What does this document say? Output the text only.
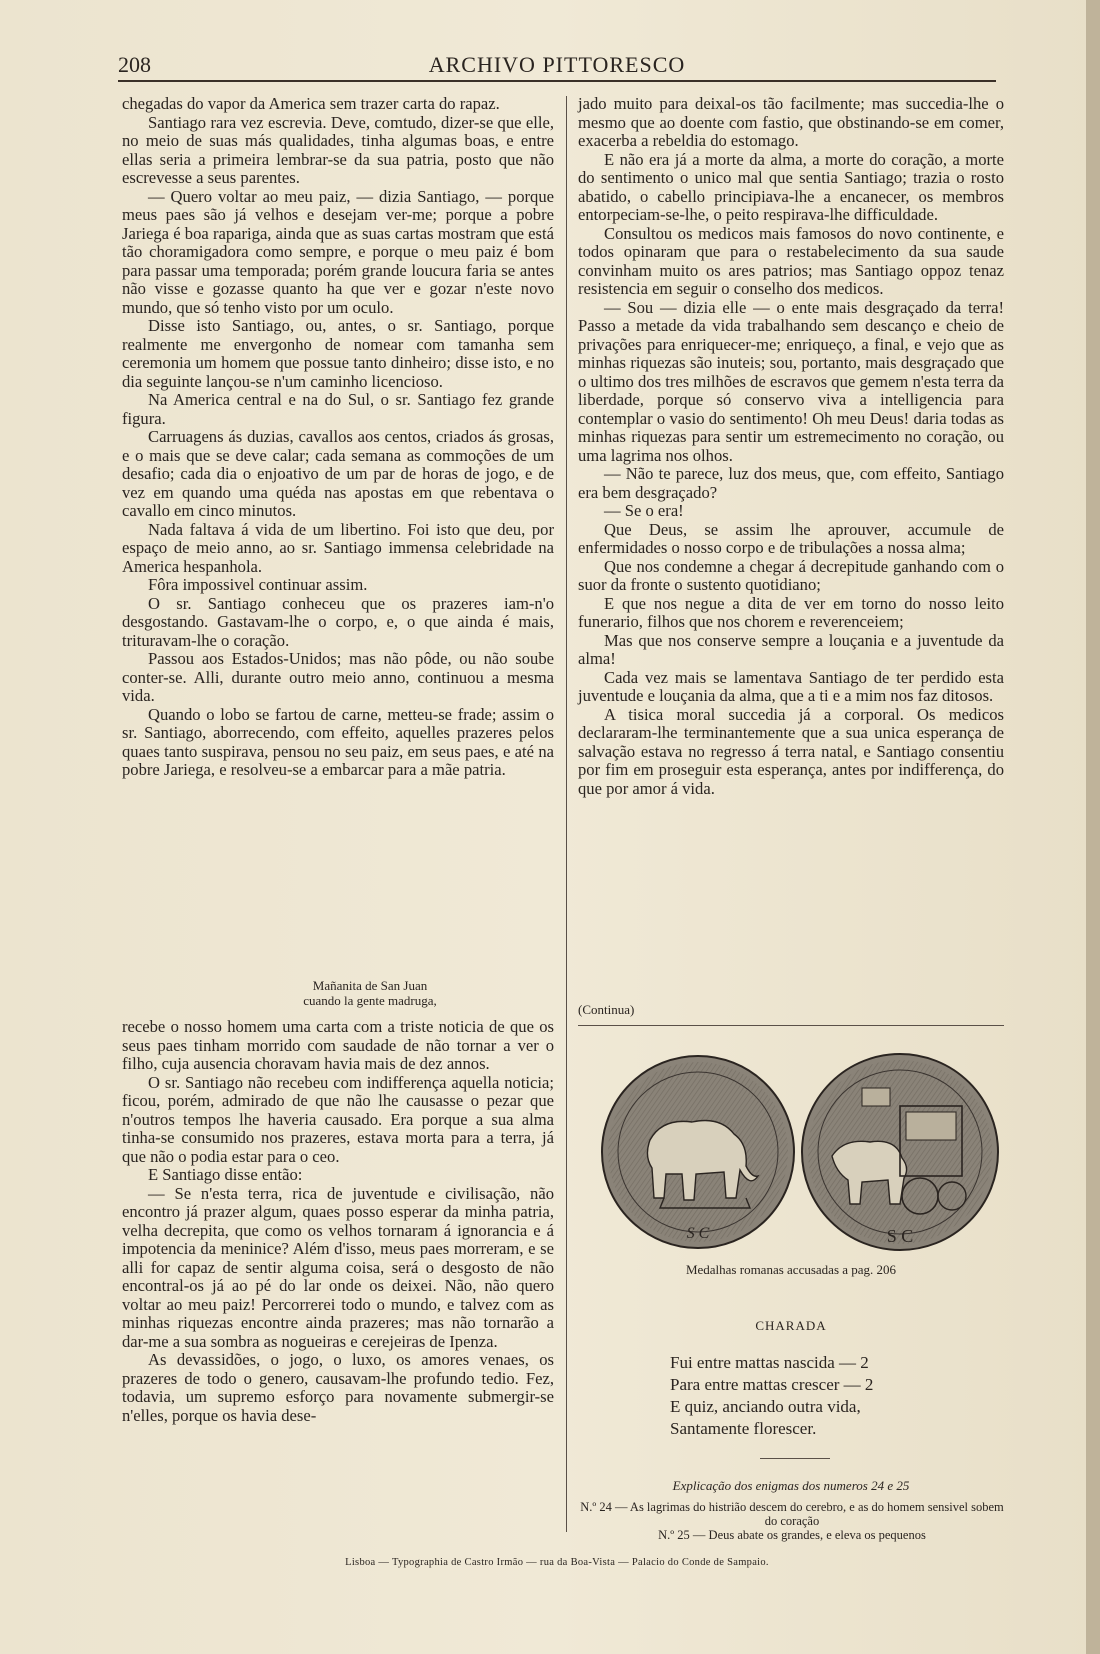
208	ARCHIVO PITTORESCO

chegadas do vapor da America sem trazer carta do rapaz.

Santiago rara vez escrevia. Deve, comtudo, dizer-se que elle, no meio de suas más qualidades, tinha algumas boas, e entre ellas seria a primeira lembrar-se da sua patria, posto que não escrevesse a seus parentes.

— Quero voltar ao meu paiz, — dizia Santiago, — porque meus paes são já velhos e desejam ver-me; porque a pobre Jariega é boa rapariga, ainda que as suas cartas mostram que está tão choramigadora como sempre, e porque o meu paiz é bom para passar uma temporada; porém grande loucura faria se antes não visse e gozasse quanto ha que ver e gozar n'este novo mundo, que só tenho visto por um oculo.

Disse isto Santiago, ou, antes, o sr. Santiago, porque realmente me envergonho de nomear com tamanha sem ceremonia um homem que possue tanto dinheiro; disse isto, e no dia seguinte lançou-se n'um caminho licencioso.

Na America central e na do Sul, o sr. Santiago fez grande figura.

Carruagens ás duzias, cavallos aos centos, criados ás grosas, e o mais que se deve calar; cada semana as commoções de um desafio; cada dia o enjoativo de um par de horas de jogo, e de vez em quando uma quéda nas apostas em que rebentava o cavallo em cinco minutos.

Nada faltava á vida de um libertino. Foi isto que deu, por espaço de meio anno, ao sr. Santiago immensa celebridade na America hespanhola.

Fôra impossivel continuar assim.

O sr. Santiago conheceu que os prazeres iam-n'o desgostando. Gastavam-lhe o corpo, e, o que ainda é mais, trituravam-lhe o coração.

Passou aos Estados-Unidos; mas não pôde, ou não soube conter-se. Alli, durante outro meio anno, continuou a mesma vida.

Quando o lobo se fartou de carne, metteu-se frade; assim o sr. Santiago, aborrecendo, com effeito, aquelles prazeres pelos quaes tanto suspirava, pensou no seu paiz, em seus paes, e até na pobre Jariega, e resolveu-se a embarcar para a mãe patria.

Mañanita de San Juan
cuando la gente madruga,

recebe o nosso homem uma carta com a triste noticia de que os seus paes tinham morrido com saudade de não tornar a ver o filho, cuja ausencia choravam havia mais de dez annos.

O sr. Santiago não recebeu com indifferença aquella noticia; ficou, porém, admirado de que não lhe causasse o pezar que n'outros tempos lhe haveria causado. Era porque a sua alma tinha-se consumido nos prazeres, estava morta para a terra, já que não o podia estar para o ceo.

E Santiago disse então:

— Se n'esta terra, rica de juventude e civilisação, não encontro já prazer algum, quaes posso esperar da minha patria, velha decrepita, que como os velhos tornaram á ignorancia e á impotencia da meninice? Além d'isso, meus paes morreram, e se alli for capaz de sentir alguma coisa, será o desgosto de não encontral-os já ao pé do lar onde os deixei. Não, não quero voltar ao meu paiz! Percorrerei todo o mundo, e talvez com as minhas riquezas encontre ainda prazeres; mas não tornarão a dar-me a sua sombra as nogueiras e cerejeiras de Ipenza.

As devassidões, o jogo, o luxo, os amores venaes, os prazeres de todo o genero, causavam-lhe profundo tedio. Fez, todavia, um supremo esforço para novamente submergir-se n'elles, porque os havia dese-

jado muito para deixal-os tão facilmente; mas succedia-lhe o mesmo que ao doente com fastio, que obstinando-se em comer, exacerba a rebeldia do estomago.

E não era já a morte da alma, a morte do coração, a morte do sentimento o unico mal que sentia Santiago; trazia o rosto abatido, o cabello principiava-lhe a encanecer, os membros entorpeciam-se-lhe, o peito respirava-lhe difficuldade.

Consultou os medicos mais famosos do novo continente, e todos opinaram que para o restabelecimento da sua saude convinham muito os ares patrios; mas Santiago oppoz tenaz resistencia em seguir o conselho dos medicos.

— Sou — dizia elle — o ente mais desgraçado da terra! Passo a metade da vida trabalhando sem descanço e cheio de privações para enriquecer-me; enriqueço, a final, e vejo que as minhas riquezas são inuteis; sou, portanto, mais desgraçado que o ultimo dos tres milhões de escravos que gemem n'esta terra da liberdade, porque só conservo viva a intelligencia para contemplar o vasio do sentimento! Oh meu Deus! daria todas as minhas riquezas para sentir um estremecimento no coração, ou uma lagrima nos olhos.

— Não te parece, luz dos meus, que, com effeito, Santiago era bem desgraçado?

— Se o era!

Que Deus, se assim lhe aprouver, accumule de enfermidades o nosso corpo e de tribulações a nossa alma;

Que nos condemne a chegar á decrepitude ganhando com o suor da fronte o sustento quotidiano;

E que nos negue a dita de ver em torno do nosso leito funerario, filhos que nos chorem e reverenceiem;

Mas que nos conserve sempre a louçania e a juventude da alma!

Cada vez mais se lamentava Santiago de ter perdido esta juventude e louçania da alma, que a ti e a mim nos faz ditosos.

A tisica moral succedia já a corporal. Os medicos declararam-lhe terminantemente que a sua unica esperança de salvação estava no regresso á terra natal, e Santiago consentiu por fim em proseguir esta esperança, antes por indifferença, do que por amor á vida.

(Continua)
S C	S C
Medalhas romanas accusadas a pag. 206
CHARADA
Fui entre mattas nascida — 2
Para entre mattas crescer — 2
E quiz, anciando outra vida,
Santamente florescer.
Explicação dos enigmas dos numeros 24 e 25
N.º 24 — As lagrimas do histrião descem do cerebro, e as do homem sensivel sobem do coração
N.º 25 — Deus abate os grandes, e eleva os pequenos
Lisboa — Typographia de Castro Irmão — rua da Boa-Vista — Palacio do Conde de Sampaio.
